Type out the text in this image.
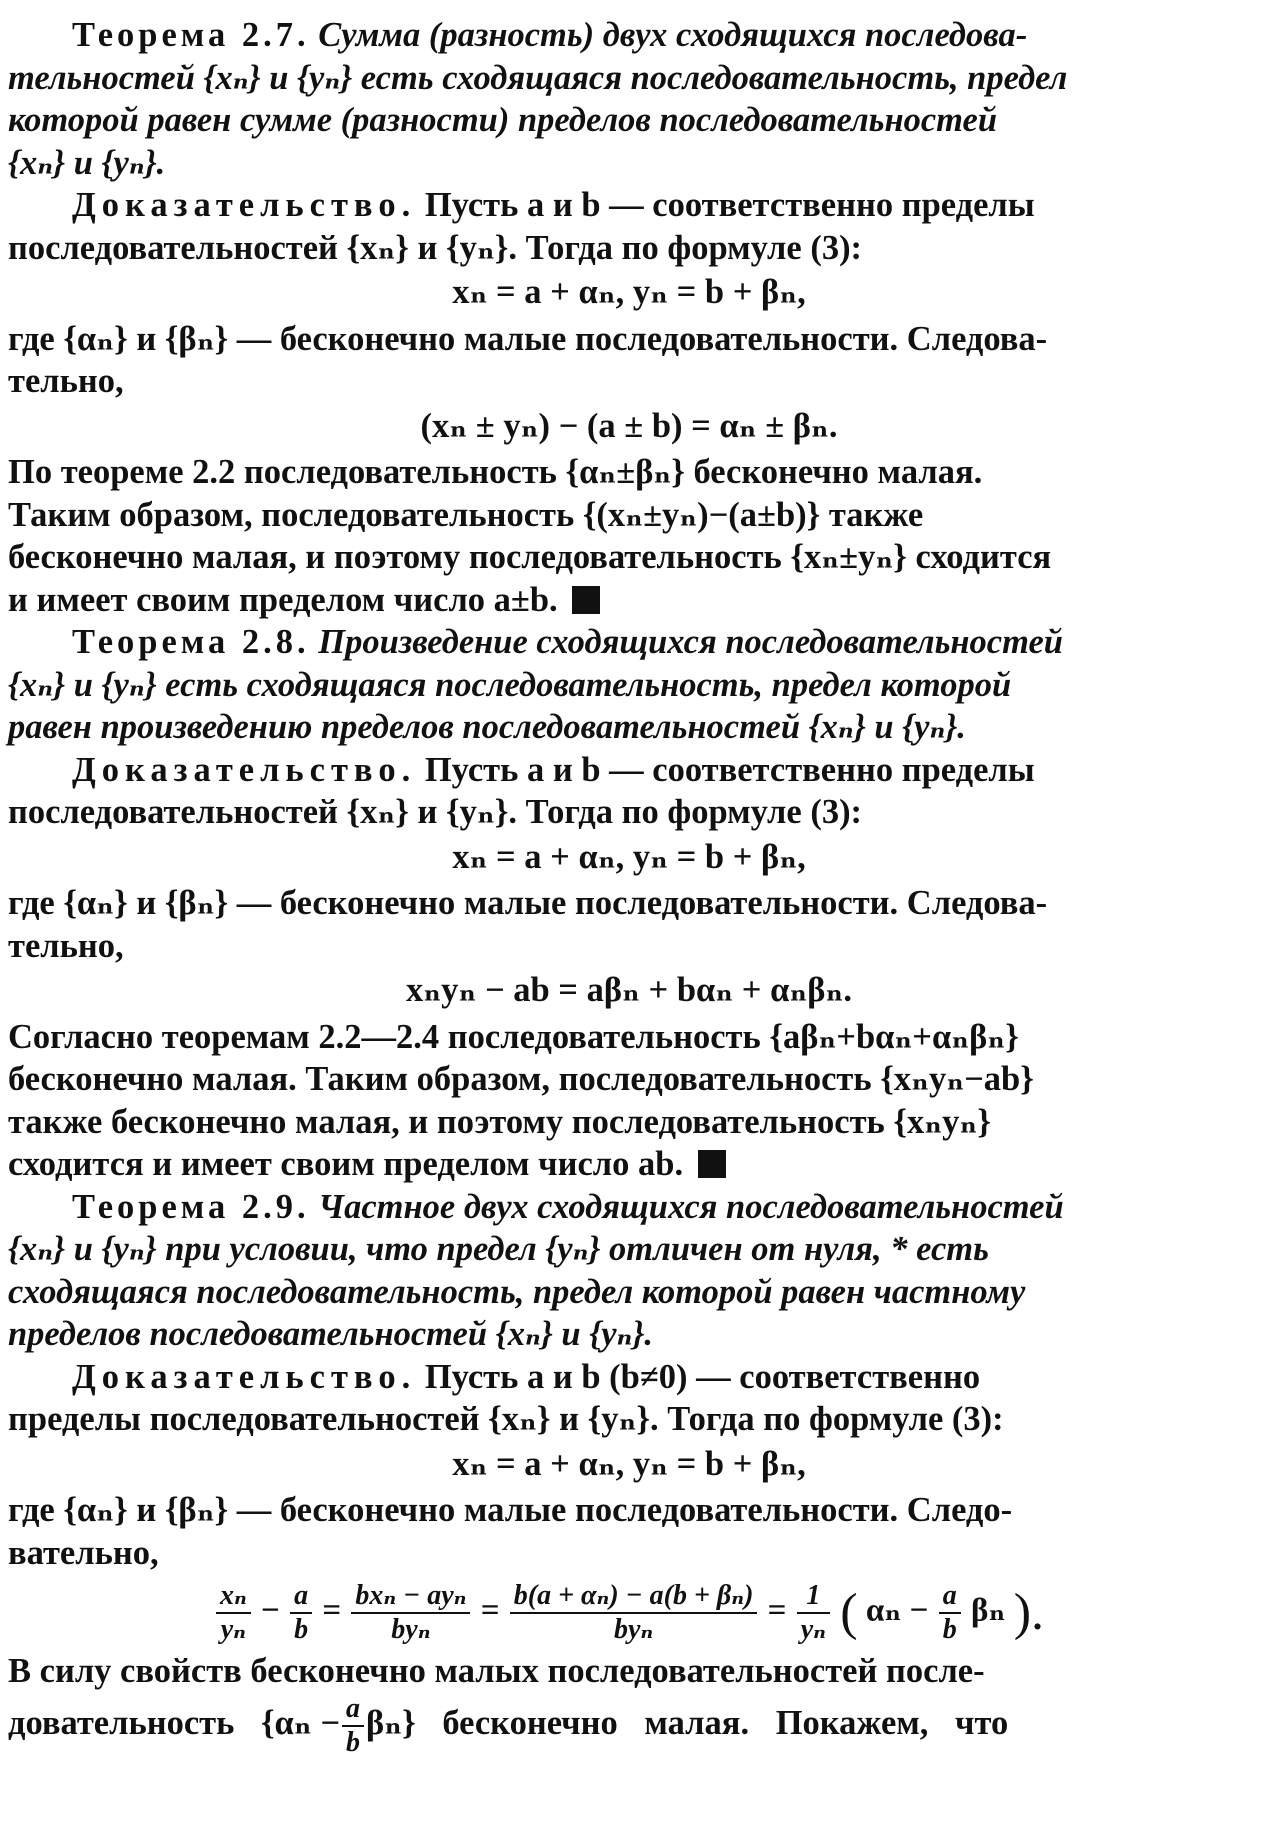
Теорема 2.7. Сумма (разность) двух сходящихся последова-

тельностей {xₙ} и {yₙ} есть сходящаяся последовательность, предел

которой равен сумме (разности) пределов последовательностей

{xₙ} и {yₙ}.

Доказательство. Пусть a и b — соответственно пределы

последовательностей {xₙ} и {yₙ}. Тогда по формуле (3):

xₙ = a + αₙ, yₙ = b + βₙ,

где {αₙ} и {βₙ} — бесконечно малые последовательности. Следова-

тельно,

(xₙ ± yₙ) − (a ± b) = αₙ ± βₙ.

По теореме 2.2 последовательность {αₙ±βₙ} бесконечно малая.

Таким образом, последовательность {(xₙ±yₙ)−(a±b)} также

бесконечно малая, и поэтому последовательность {xₙ±yₙ} сходится

и имеет своим пределом число a±b.

Теорема 2.8. Произведение сходящихся последовательностей

{xₙ} и {yₙ} есть сходящаяся последовательность, предел которой

равен произведению пределов последовательностей {xₙ} и {yₙ}.

Доказательство. Пусть a и b — соответственно пределы

последовательностей {xₙ} и {yₙ}. Тогда по формуле (3):

xₙ = a + αₙ, yₙ = b + βₙ,

где {αₙ} и {βₙ} — бесконечно малые последовательности. Следова-

тельно,

xₙyₙ − ab = aβₙ + bαₙ + αₙβₙ.

Согласно теоремам 2.2—2.4 последовательность {aβₙ+bαₙ+αₙβₙ}

бесконечно малая. Таким образом, последовательность {xₙyₙ−ab}

также бесконечно малая, и поэтому последовательность {xₙyₙ}

сходится и имеет своим пределом число ab.

Теорема 2.9. Частное двух сходящихся последовательностей

{xₙ} и {yₙ} при условии, что предел {yₙ} отличен от нуля, * есть

сходящаяся последовательность, предел которой равен частному

пределов последовательностей {xₙ} и {yₙ}.

Доказательство. Пусть a и b (b≠0) — соответственно

пределы последовательностей {xₙ} и {yₙ}. Тогда по формуле (3):

xₙ = a + αₙ, yₙ = b + βₙ,

где {αₙ} и {βₙ} — бесконечно малые последовательности. Следо-

вательно,

$\frac{\text{xₙ}}{\text{yₙ}} - \frac{a}{b} = \frac{\text{bxₙ − ayₙ}}{\text{byₙ}} = \frac{\text{b(a + αₙ) − a(b + βₙ)}}{\text{byₙ}} = \frac{1}{\text{yₙ}}$ ( $\alpha_n - \frac{a}{b}$ βₙ ).

В силу свойств бесконечно малых последовательностей после-

довательность $\{\alpha_n - \frac{a}{b} \beta_n\}$ бесконечно малая. Покажем, что
